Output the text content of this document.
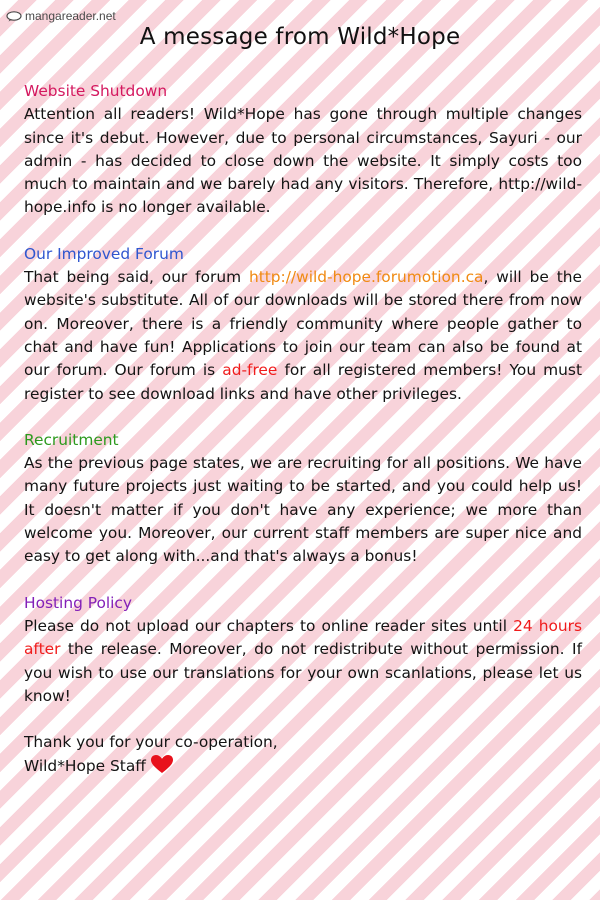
mangareader.net
A message from Wild*Hope
Website Shutdown

Attention all readers! Wild*Hope has gone through multiple changes since it's debut. However, due to personal circumstances, Sayuri - our admin - has decided to close down the website. It simply costs too much to maintain and we barely had any visitors. Therefore, http://wild-hope.info is no longer available.

Our Improved Forum

That being said, our forum http://wild-hope.forumotion.ca, will be the website's substitute. All of our downloads will be stored there from now on. Moreover, there is a friendly community where people gather to chat and have fun! Applications to join our team can also be found at our forum. Our forum is ad-free for all registered members! You must register to see download links and have other privileges.

Recruitment

As the previous page states, we are recruiting for all positions. We have many future projects just waiting to be started, and you could help us! It doesn't matter if you don't have any experience; we more than welcome you. Moreover, our current staff members are super nice and easy to get along with...and that's always a bonus!

Hosting Policy

Please do not upload our chapters to online reader sites until 24 hours after the release. Moreover, do not redistribute without permission. If you wish to use our translations for your own scanlations, please let us know!

Thank you for your co-operation,

Wild*Hope Staff
